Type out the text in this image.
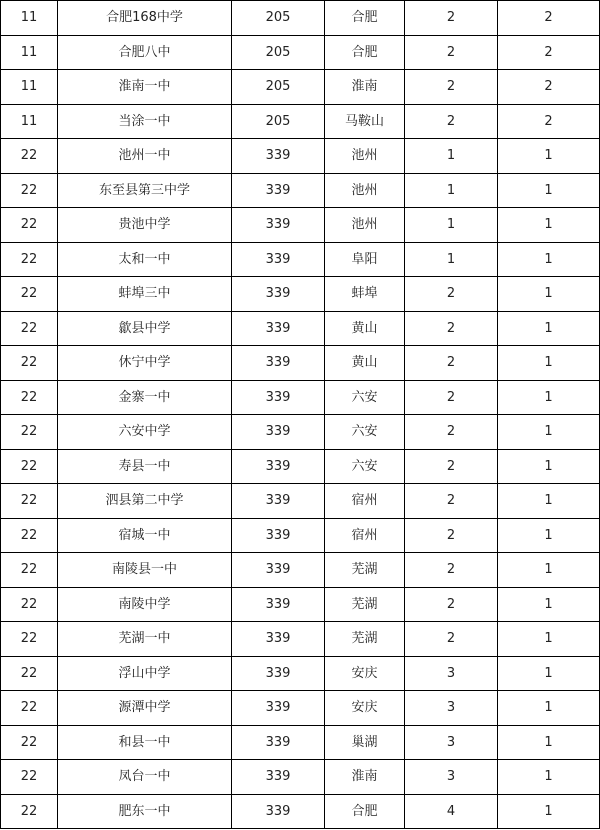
11	合肥168中学	205	合肥	2	2
11	合肥八中	205	合肥	2	2
11	淮南一中	205	淮南	2	2
11	当涂一中	205	马鞍山	2	2
22	池州一中	339	池州	1	1
22	东至县第三中学	339	池州	1	1
22	贵池中学	339	池州	1	1
22	太和一中	339	阜阳	1	1
22	蚌埠三中	339	蚌埠	2	1
22	歙县中学	339	黄山	2	1
22	休宁中学	339	黄山	2	1
22	金寨一中	339	六安	2	1
22	六安中学	339	六安	2	1
22	寿县一中	339	六安	2	1
22	泗县第二中学	339	宿州	2	1
22	宿城一中	339	宿州	2	1
22	南陵县一中	339	芜湖	2	1
22	南陵中学	339	芜湖	2	1
22	芜湖一中	339	芜湖	2	1
22	浮山中学	339	安庆	3	1
22	源潭中学	339	安庆	3	1
22	和县一中	339	巢湖	3	1
22	凤台一中	339	淮南	3	1
22	肥东一中	339	合肥	4	1
